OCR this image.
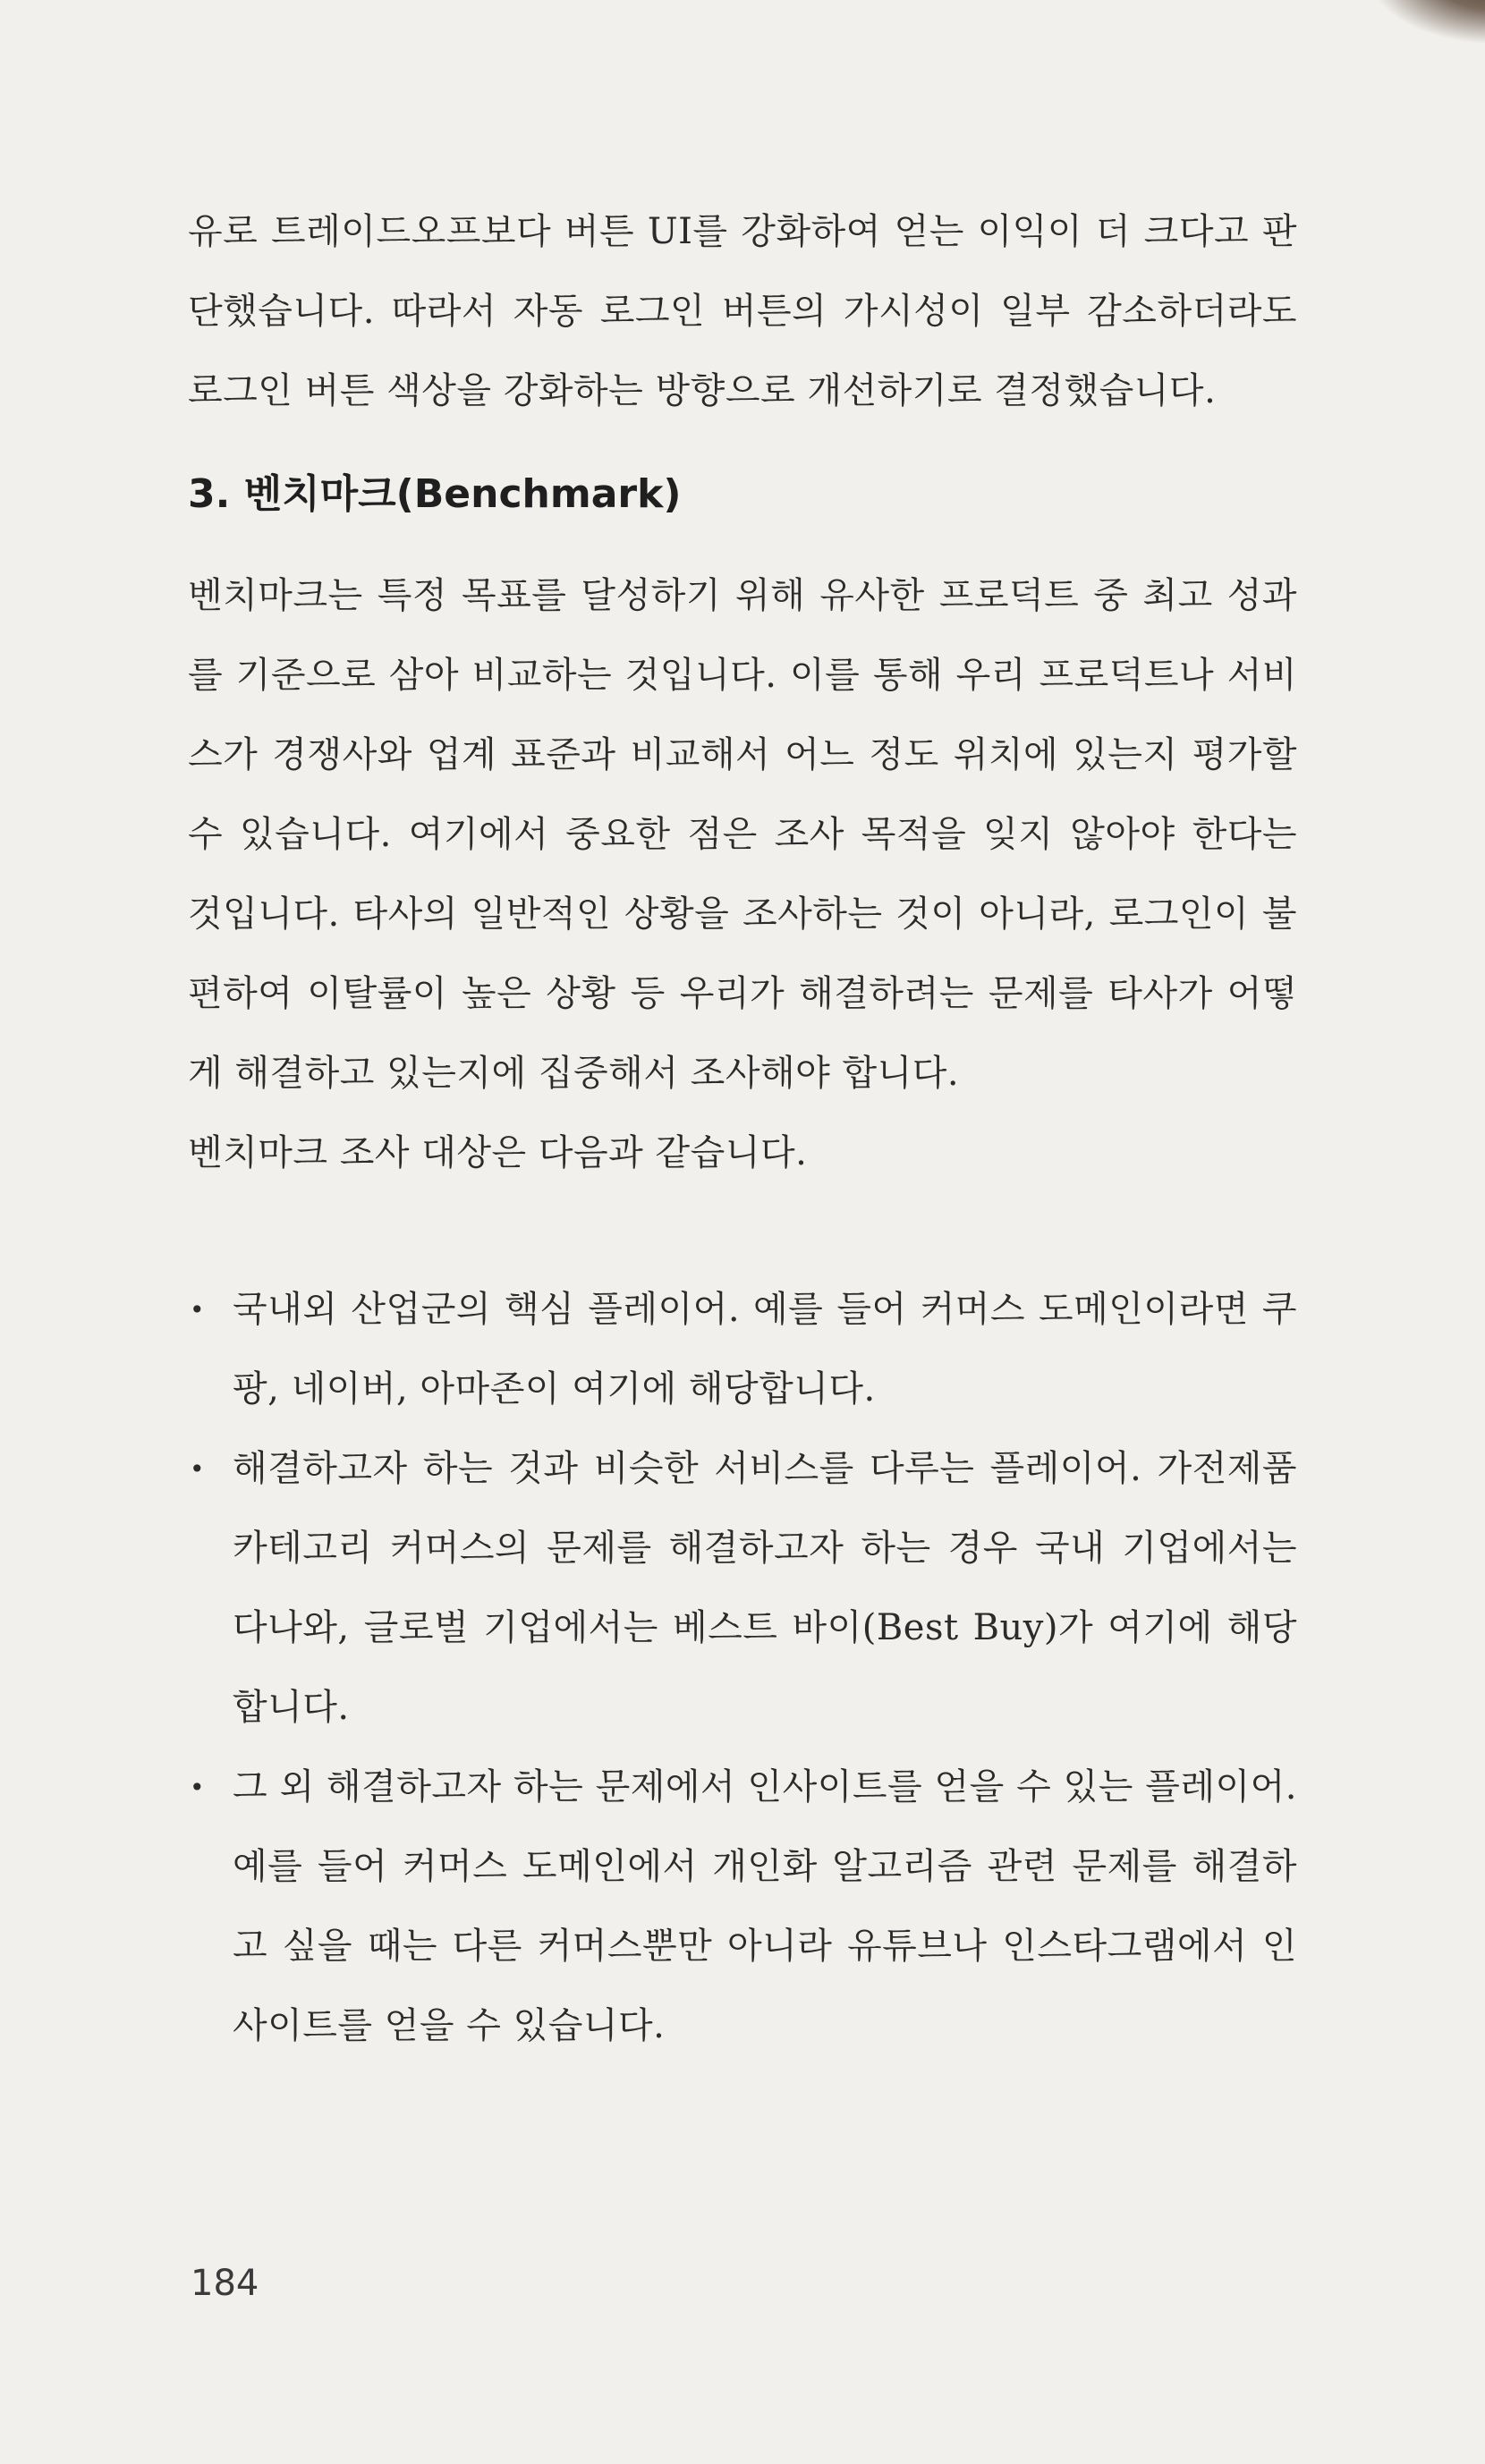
유로 트레이드오프보다 버튼 UI를 강화하여 얻는 이익이 더 크다고 판단했습니다. 따라서 자동 로그인 버튼의 가시성이 일부 감소하더라도 로그인 버튼 색상을 강화하는 방향으로 개선하기로 결정했습니다.

3. 벤치마크(Benchmark)

벤치마크는 특정 목표를 달성하기 위해 유사한 프로덕트 중 최고 성과를 기준으로 삼아 비교하는 것입니다. 이를 통해 우리 프로덕트나 서비스가 경쟁사와 업계 표준과 비교해서 어느 정도 위치에 있는지 평가할 수 있습니다. 여기에서 중요한 점은 조사 목적을 잊지 않아야 한다는 것입니다. 타사의 일반적인 상황을 조사하는 것이 아니라, 로그인이 불편하여 이탈률이 높은 상황 등 우리가 해결하려는 문제를 타사가 어떻게 해결하고 있는지에 집중해서 조사해야 합니다.

벤치마크 조사 대상은 다음과 같습니다.

• 국내외 산업군의 핵심 플레이어. 예를 들어 커머스 도메인이라면 쿠팡, 네이버, 아마존이 여기에 해당합니다.
• 해결하고자 하는 것과 비슷한 서비스를 다루는 플레이어. 가전제품 카테고리 커머스의 문제를 해결하고자 하는 경우 국내 기업에서는 다나와, 글로벌 기업에서는 베스트 바이(Best Buy)가 여기에 해당합니다.
• 그 외 해결하고자 하는 문제에서 인사이트를 얻을 수 있는 플레이어. 예를 들어 커머스 도메인에서 개인화 알고리즘 관련 문제를 해결하고 싶을 때는 다른 커머스뿐만 아니라 유튜브나 인스타그램에서 인사이트를 얻을 수 있습니다.
184
